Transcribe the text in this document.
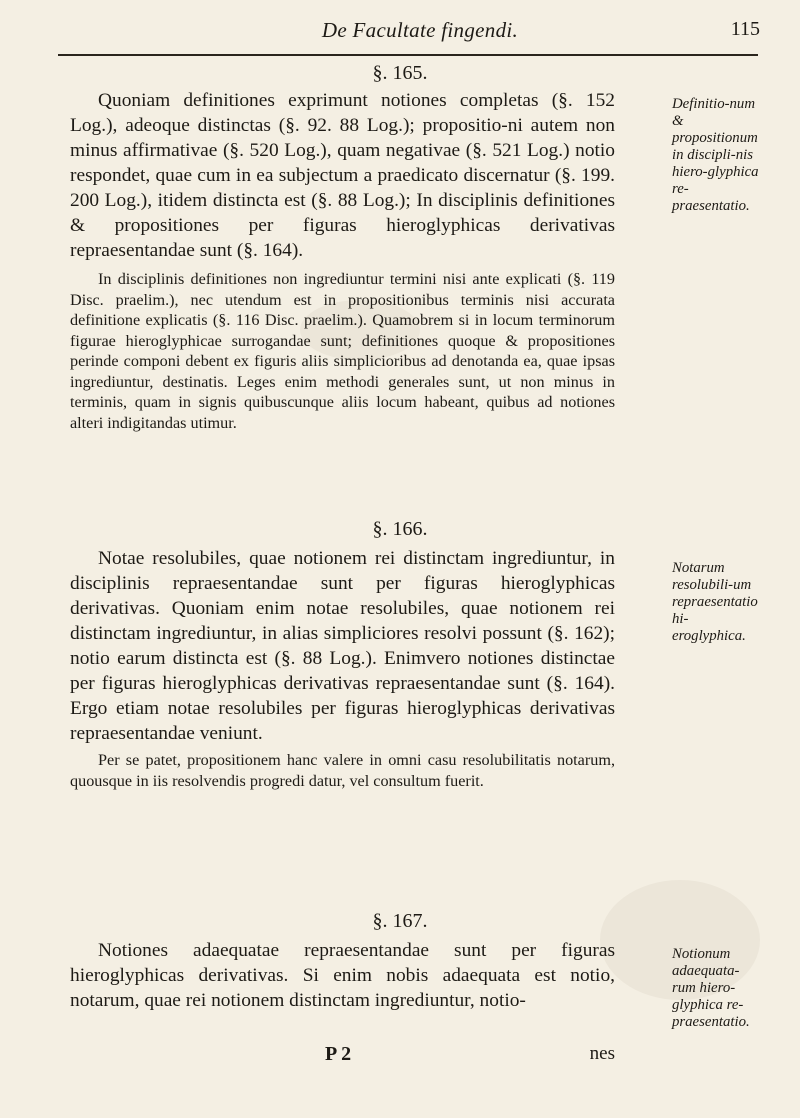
De Facultate fingendi.	115
§. 165.

Quoniam definitiones exprimunt notiones completas (§. 152 Log.), adeoque distinctas (§. 92. 88 Log.); propositio-ni autem non minus affirmativae (§. 520 Log.), quam negativae (§. 521 Log.) notio respondet, quae cum in ea subjectum a praedicato discernatur (§. 199. 200 Log.), itidem distincta est (§. 88 Log.); In disciplinis definitiones & propositiones per figuras hieroglyphicas derivativas repraesentandae sunt (§. 164).

In disciplinis definitiones non ingrediuntur termini nisi ante explicati (§. 119 Disc. praelim.), nec utendum est in propositionibus terminis nisi accurata definitione explicatis (§. 116 Disc. praelim.). Quamobrem si in locum terminorum figurae hieroglyphicae surrogandae sunt; definitiones quoque & propositiones perinde componi debent ex figuris aliis simplicioribus ad denotanda ea, quae ipsas ingrediuntur, destinatis. Leges enim methodi generales sunt, ut non minus in terminis, quam in signis quibuscunque aliis locum habeant, quibus ad notiones alteri indigitandas utimur.

Definitio-num & propositionum in discipli-nis hiero-glyphica re-praesentatio.
§. 166.

Notae resolubiles, quae notionem rei distinctam ingrediuntur, in disciplinis repraesentandae sunt per figuras hieroglyphicas derivativas. Quoniam enim notae resolubiles, quae notionem rei distinctam ingrediuntur, in alias simpliciores resolvi possunt (§. 162); notio earum distincta est (§. 88 Log.). Enimvero notiones distinctae per figuras hieroglyphicas derivativas repraesentandae sunt (§. 164). Ergo etiam notae resolubiles per figuras hieroglyphicas derivativas repraesentandae veniunt.

Per se patet, propositionem hanc valere in omni casu resolubilitatis notarum, quousque in iis resolvendis progredi datur, vel consultum fuerit.

Notarum resolubili-um repraesentatio hi-eroglyphica.
§. 167.

Notiones adaequatae repraesentandae sunt per figuras hieroglyphicas derivativas. Si enim nobis adaequata est notio, notarum, quae rei notionem distinctam ingrediuntur, notio-

Notionum adaequata-rum hiero-glyphica re-praesentatio.
P 2	nes
